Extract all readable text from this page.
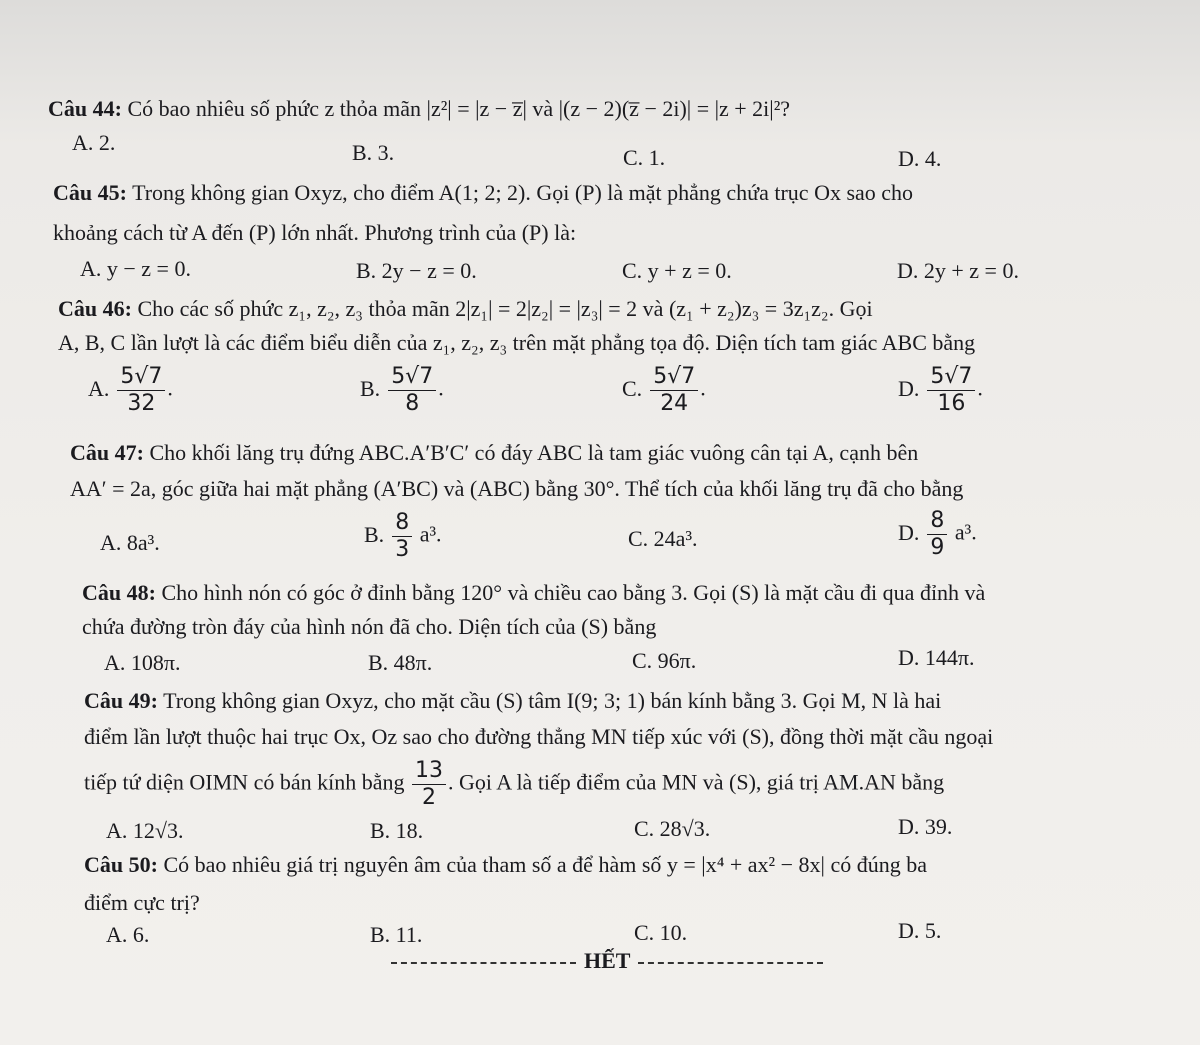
Câu 44: Có bao nhiêu số phức z thỏa mãn |z²| = |z − z̅| và |(z − 2)(z̅ − 2i)| = |z + 2i|²?
A. 2.	B. 3.	C. 1.	D. 4.
Câu 45: Trong không gian Oxyz, cho điểm A(1; 2; 2). Gọi (P) là mặt phẳng chứa trục Ox sao cho
khoảng cách từ A đến (P) lớn nhất. Phương trình của (P) là:
A. y − z = 0.	B. 2y − z = 0.	C. y + z = 0.	D. 2y + z = 0.
Câu 46: Cho các số phức z₁, z₂, z₃ thỏa mãn 2|z₁| = 2|z₂| = |z₃| = 2 và (z₁ + z₂)z₃ = 3z₁z₂. Gọi
A, B, C lần lượt là các điểm biểu diễn của z₁, z₂, z₃ trên mặt phẳng tọa độ. Diện tích tam giác ABC bằng
A. $\frac{5√7}{32}$ .	B. $\frac{5√7}{8}$ .	C. $\frac{5√7}{24}$ .	D. $\frac{5√7}{16}$ .
Câu 47: Cho khối lăng trụ đứng ABC.A′B′C′ có đáy ABC là tam giác vuông cân tại A, cạnh bên
AA′ = 2a, góc giữa hai mặt phẳng (A′BC) và (ABC) bằng 30°. Thể tích của khối lăng trụ đã cho bằng
A. 8a³.	B. $\frac{8}{3} a^3$.	C. 24a³.	D. $\frac{8}{9} a^3$.
Câu 48: Cho hình nón có góc ở đỉnh bằng 120° và chiều cao bằng 3. Gọi (S) là mặt cầu đi qua đỉnh và
chứa đường tròn đáy của hình nón đã cho. Diện tích của (S) bằng
A. 108π.	B. 48π.	C. 96π.	D. 144π.
Câu 49: Trong không gian Oxyz, cho mặt cầu (S) tâm I(9; 3; 1) bán kính bằng 3. Gọi M, N là hai
điểm lần lượt thuộc hai trục Ox, Oz sao cho đường thẳng MN tiếp xúc với (S), đồng thời mặt cầu ngoại
tiếp tứ diện OIMN có bán kính bằng $\frac{13}{2}$ . Gọi A là tiếp điểm của MN và (S), giá trị AM.AN bằng
A. 12√3.	B. 18.	C. 28√3.	D. 39.
Câu 50: Có bao nhiêu giá trị nguyên âm của tham số a để hàm số y = |x⁴ + ax² − 8x| có đúng ba
điểm cực trị?
A. 6.	B. 11.	C. 10.	D. 5.
HẾT
